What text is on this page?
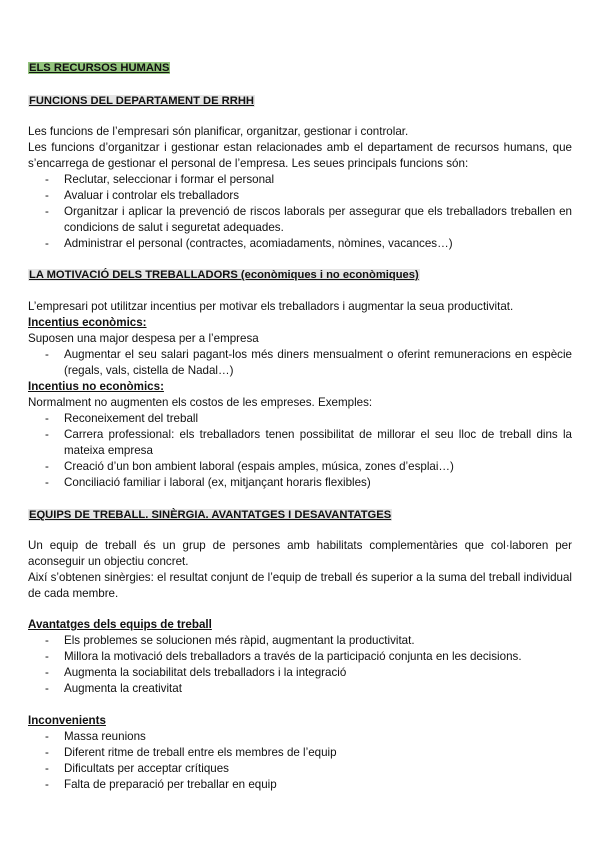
ELS RECURSOS HUMANS
FUNCIONS DEL DEPARTAMENT DE RRHH

Les funcions de l’empresari són planificar, organitzar, gestionar i controlar.

Les funcions d’organitzar i gestionar estan relacionades amb el departament de recursos humans, que s’encarrega de gestionar el personal de l’empresa. Les seues principals funcions són:

- Reclutar, seleccionar i formar el personal
- Avaluar i controlar els treballadors
- Organitzar i aplicar la prevenció de riscos laborals per assegurar que els treballadors treballen en condicions de salut i seguretat adequades.
- Administrar el personal (contractes, acomiadaments, nòmines, vacances…)
LA MOTIVACIÓ DELS TREBALLADORS (econòmiques i no econòmiques)

L’empresari pot utilitzar incentius per motivar els treballadors i augmentar la seua productivitat.

Incentius econòmics:

Suposen una major despesa per a l’empresa

- Augmentar el seu salari pagant-los més diners mensualment o oferint remuneracions en espècie (regals, vals, cistella de Nadal…)
Incentius no econòmics:

Normalment no augmenten els costos de les empreses. Exemples:

- Reconeixement del treball
- Carrera professional: els treballadors tenen possibilitat de millorar el seu lloc de treball dins la mateixa empresa
- Creació d’un bon ambient laboral (espais amples, música, zones d’esplai…)
- Conciliació familiar i laboral (ex, mitjançant horaris flexibles)
EQUIPS DE TREBALL. SINÈRGIA. AVANTATGES I DESAVANTATGES

Un equip de treball és un grup de persones amb habilitats complementàries que col·laboren per aconseguir un objectiu concret.

Així s’obtenen sinèrgies: el resultat conjunt de l’equip de treball és superior a la suma del treball individual de cada membre.

Avantatges dels equips de treball
- Els problemes se solucionen més ràpid, augmentant la productivitat.
- Millora la motivació dels treballadors a través de la participació conjunta en les decisions.
- Augmenta la sociabilitat dels treballadors i la integració
- Augmenta la creativitat
Inconvenients
- Massa reunions
- Diferent ritme de treball entre els membres de l’equip
- Dificultats per acceptar crítiques
- Falta de preparació per treballar en equip
